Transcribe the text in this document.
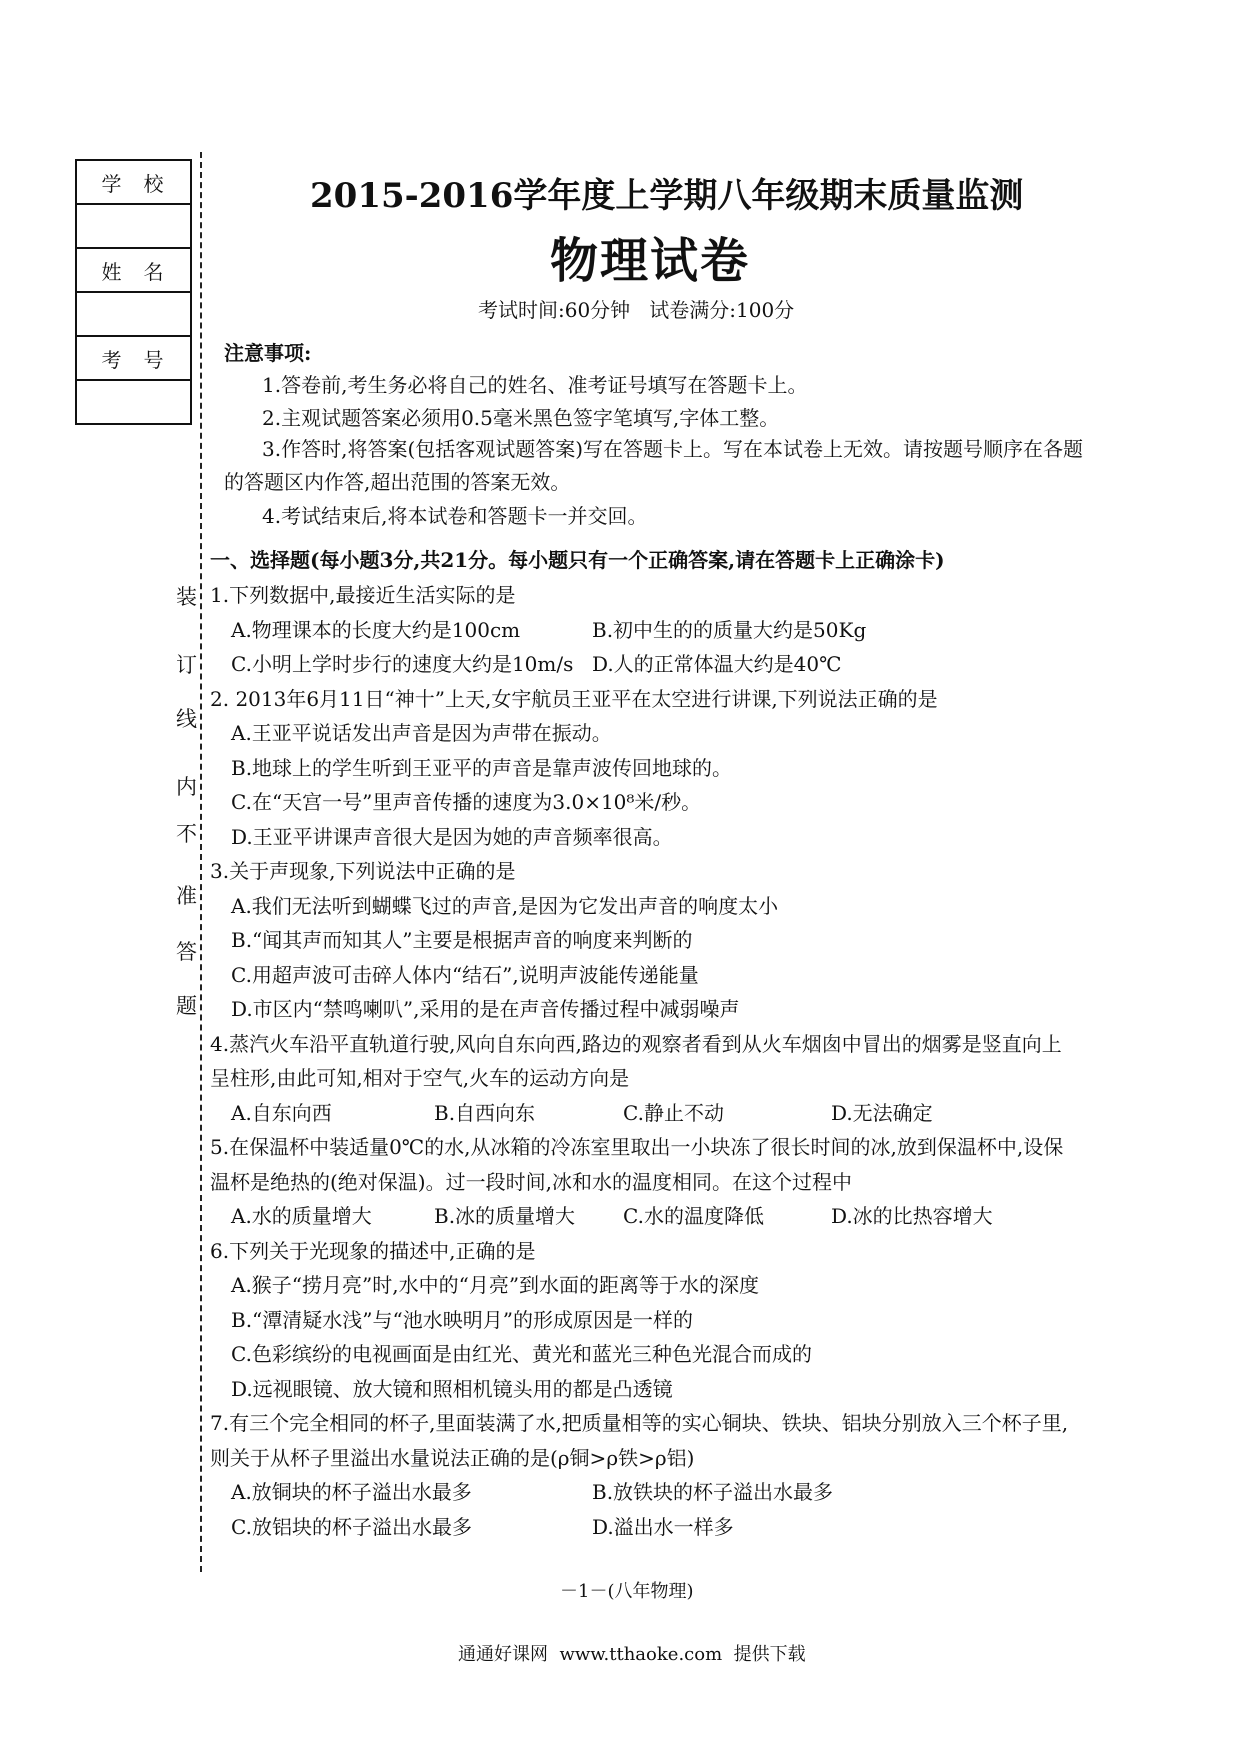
学校

姓名

考号

装
订
线
内
不
准
答
题
2015-2016学年度上学期八年级期末质量监测
物理试卷
考试时间:60分钟   试卷满分:100分
注意事项:
1.答卷前,考生务必将自己的姓名、准考证号填写在答题卡上。
2.主观试题答案必须用0.5毫米黑色签字笔填写,字体工整。
3.作答时,将答案(包括客观试题答案)写在答题卡上。写在本试卷上无效。请按题号顺序在各题
的答题区内作答,超出范围的答案无效。
4.考试结束后,将本试卷和答题卡一并交回。
一、选择题(每小题3分,共21分。每小题只有一个正确答案,请在答题卡上正确涂卡)
1.下列数据中,最接近生活实际的是
A.物理课本的长度大约是100cm	B.初中生的的质量大约是50Kg
C.小明上学时步行的速度大约是10m/s D.人的正常体温大约是40℃
2. 2013年6月11日“神十”上天,女宇航员王亚平在太空进行讲课,下列说法正确的是
A.王亚平说话发出声音是因为声带在振动。
B.地球上的学生听到王亚平的声音是靠声波传回地球的。
C.在“天宫一号”里声音传播的速度为3.0×10⁸米/秒。
D.王亚平讲课声音很大是因为她的声音频率很高。
3.关于声现象,下列说法中正确的是
A.我们无法听到蝴蝶飞过的声音,是因为它发出声音的响度太小
B.“闻其声而知其人”主要是根据声音的响度来判断的
C.用超声波可击碎人体内“结石”,说明声波能传递能量
D.市区内“禁鸣喇叭”,采用的是在声音传播过程中减弱噪声
4.蒸汽火车沿平直轨道行驶,风向自东向西,路边的观察者看到从火车烟囱中冒出的烟雾是竖直向上
呈柱形,由此可知,相对于空气,火车的运动方向是
A.自东向西	B.自西向东	C.静止不动	D.无法确定
5.在保温杯中装适量0℃的水,从冰箱的冷冻室里取出一小块冻了很长时间的冰,放到保温杯中,设保
温杯是绝热的(绝对保温)。过一段时间,冰和水的温度相同。在这个过程中
A.水的质量增大	B.冰的质量增大 C.水的温度降低	D.冰的比热容增大
6.下列关于光现象的描述中,正确的是
A.猴子“捞月亮”时,水中的“月亮”到水面的距离等于水的深度
B.“潭清疑水浅”与“池水映明月”的形成原因是一样的
C.色彩缤纷的电视画面是由红光、黄光和蓝光三种色光混合而成的
D.远视眼镜、放大镜和照相机镜头用的都是凸透镜
7.有三个完全相同的杯子,里面装满了水,把质量相等的实心铜块、铁块、铝块分别放入三个杯子里,
则关于从杯子里溢出水量说法正确的是(ρ铜>ρ铁>ρ铝)
A.放铜块的杯子溢出水最多	B.放铁块的杯子溢出水最多
C.放铝块的杯子溢出水最多	D.溢出水一样多
－1－(八年物理)
通通好课网  www.tthaoke.com  提供下载
